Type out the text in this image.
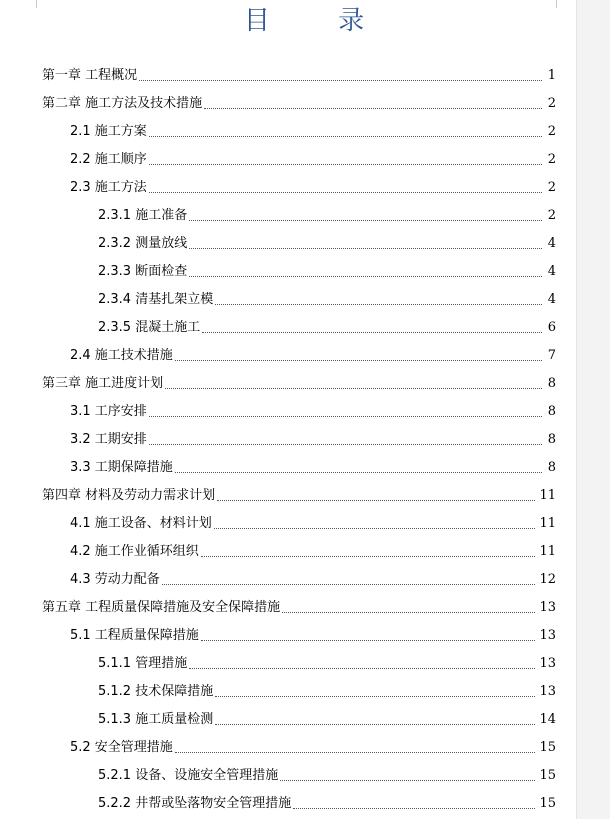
目 录
第一章 工程概况	1
第二章 施工方法及技术措施	2
2.1 施工方案	2
2.2 施工顺序	2
2.3 施工方法	2
2.3.1 施工准备	2
2.3.2 测量放线	4
2.3.3 断面检查	4
2.3.4 清基扎架立模	4
2.3.5 混凝土施工	6
2.4 施工技术措施	7
第三章 施工进度计划	8
3.1 工序安排	8
3.2 工期安排	8
3.3 工期保障措施	8
第四章 材料及劳动力需求计划	11
4.1 施工设备、材料计划	11
4.2 施工作业循环组织	11
4.3 劳动力配备	12
第五章 工程质量保障措施及安全保障措施	13
5.1 工程质量保障措施	13
5.1.1 管理措施	13
5.1.2 技术保障措施	13
5.1.3 施工质量检测	14
5.2 安全管理措施	15
5.2.1 设备、设施安全管理措施	15
5.2.2 井帮或坠落物安全管理措施	15
